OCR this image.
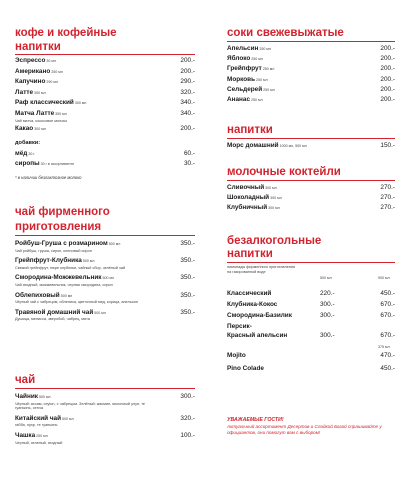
кофе и кофейные
напитки
Эспрессо30 мл	200.-
Американо250 мл	200.-
Капучино290 мл	290.-
Латте350 мл	320.-
Раф классический300 мл	340.-
Матча Латте350 мл	340.-
Чай матча, кокосовое молоко
Какао300 мл	200.-
добавки:
мёд30 г	60.-
сиропы30 г в ассортименте	30.-
* в наличии безлактозное молоко
чай фирменного
приготовления
Ройбуш-Груша с розмарином500 мл	350.-
Чай ройбуш, груша, сироп, кленовый сироп
Грейпфрут-Клубника500 мл	350.-
Свежий грейпфрут, пюре клубники, чайный сбор, зелёный чай
Смородина-Можжевельник500 мл	350.-
Чай ягодный, можжевельник, черная смородина, сироп
Облепиховый500 мл	350.-
Чёрный чай с чабрецом, облепиха, цветочный мед, корица, апельсин
Травяной домашний чай500 мл	350.-
Душица, мелисса, зверобой, чабрец, мята
чай
Чайник500 мл	300.-
Чёрный: ассам, ceylon, с чабрецом. Зелёный: жасмин, молочный улун, те гуаньинь, сенча
Китайский чай500 мл	320.-
габба, пуэр, те гуаньинь
Чашка250 мл	100.-
Черный, зеленый, ягодный
соки свежевыжатые
Апельсин250 мл	200.-
Яблоко250 мл	200.-
Грейпфрут250 мл	200.-
Морковь250 мл	200.-
Сельдерей250 мл	200.-
Ананас250 мл	200.-
напитки
Морс домашний1000 мл, 500 мл	150.-
молочные коктейли
Сливочный300 мл	270.-
Шоколадный300 мл	270.-
Клубничный300 мл	270.-
безалкогольные
напитки
лимонады фирменного приготовления на газированной воде
500 мл	900 мл
Классический	220.-	450.-
Клубника-Кокос	300.-	670.-
Смородина-Базилик	300.-	670.-
Персик-
Красный апельсин	300.-	670.-
375 мл
Mojito	470.-
Pino Colade	450.-
УВАЖАЕМЫЕ ГОСТИ!
Актуальный ассортимент Десертов и Сладкой Базой спрашивайте у официантов, они помогут вам с выбором!
